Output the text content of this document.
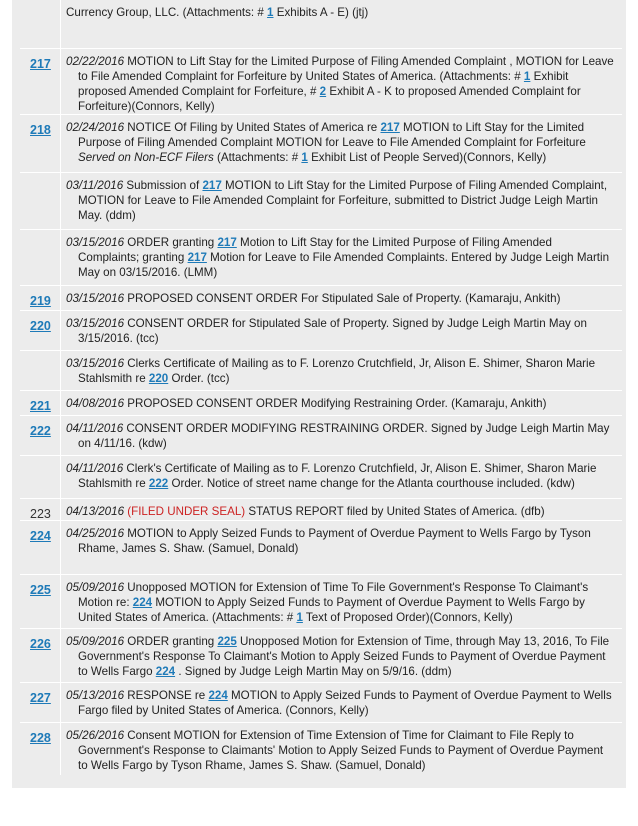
Currency Group, LLC. (Attachments: # 1 Exhibits A - E) (jtj)
217 02/22/2016 MOTION to Lift Stay for the Limited Purpose of Filing Amended Complaint , MOTION for Leave to File Amended Complaint for Forfeiture by United States of America. (Attachments: # 1 Exhibit proposed Amended Complaint for Forfeiture, # 2 Exhibit A - K to proposed Amended Complaint for Forfeiture)(Connors, Kelly)
218 02/24/2016 NOTICE Of Filing by United States of America re 217 MOTION to Lift Stay for the Limited Purpose of Filing Amended Complaint MOTION for Leave to File Amended Complaint for Forfeiture Served on Non-ECF Filers (Attachments: # 1 Exhibit List of People Served)(Connors, Kelly)
03/11/2016 Submission of 217 MOTION to Lift Stay for the Limited Purpose of Filing Amended Complaint, MOTION for Leave to File Amended Complaint for Forfeiture, submitted to District Judge Leigh Martin May. (ddm)
03/15/2016 ORDER granting 217 Motion to Lift Stay for the Limited Purpose of Filing Amended Complaints; granting 217 Motion for Leave to File Amended Complaints. Entered by Judge Leigh Martin May on 03/15/2016. (LMM)
219 03/15/2016 PROPOSED CONSENT ORDER For Stipulated Sale of Property. (Kamaraju, Ankith)
220 03/15/2016 CONSENT ORDER for Stipulated Sale of Property. Signed by Judge Leigh Martin May on 3/15/2016. (tcc)
03/15/2016 Clerks Certificate of Mailing as to F. Lorenzo Crutchfield, Jr, Alison E. Shimer, Sharon Marie Stahlsmith re 220 Order. (tcc)
221 04/08/2016 PROPOSED CONSENT ORDER Modifying Restraining Order. (Kamaraju, Ankith)
222 04/11/2016 CONSENT ORDER MODIFYING RESTRAINING ORDER. Signed by Judge Leigh Martin May on 4/11/16. (kdw)
04/11/2016 Clerk's Certificate of Mailing as to F. Lorenzo Crutchfield, Jr, Alison E. Shimer, Sharon Marie Stahlsmith re 222 Order. Notice of street name change for the Atlanta courthouse included. (kdw)
223 04/13/2016 (FILED UNDER SEAL) STATUS REPORT filed by United States of America. (dfb)
224 04/25/2016 MOTION to Apply Seized Funds to Payment of Overdue Payment to Wells Fargo by Tyson Rhame, James S. Shaw. (Samuel, Donald)
225 05/09/2016 Unopposed MOTION for Extension of Time To File Government's Response To Claimant's Motion re: 224 MOTION to Apply Seized Funds to Payment of Overdue Payment to Wells Fargo by United States of America. (Attachments: # 1 Text of Proposed Order)(Connors, Kelly)
226 05/09/2016 ORDER granting 225 Unopposed Motion for Extension of Time, through May 13, 2016, To File Government's Response To Claimant's Motion to Apply Seized Funds to Payment of Overdue Payment to Wells Fargo 224 . Signed by Judge Leigh Martin May on 5/9/16. (ddm)
227 05/13/2016 RESPONSE re 224 MOTION to Apply Seized Funds to Payment of Overdue Payment to Wells Fargo filed by United States of America. (Connors, Kelly)
228 05/26/2016 Consent MOTION for Extension of Time Extension of Time for Claimant to File Reply to Government's Response to Claimants' Motion to Apply Seized Funds to Payment of Overdue Payment to Wells Fargo by Tyson Rhame, James S. Shaw. (Samuel, Donald)
